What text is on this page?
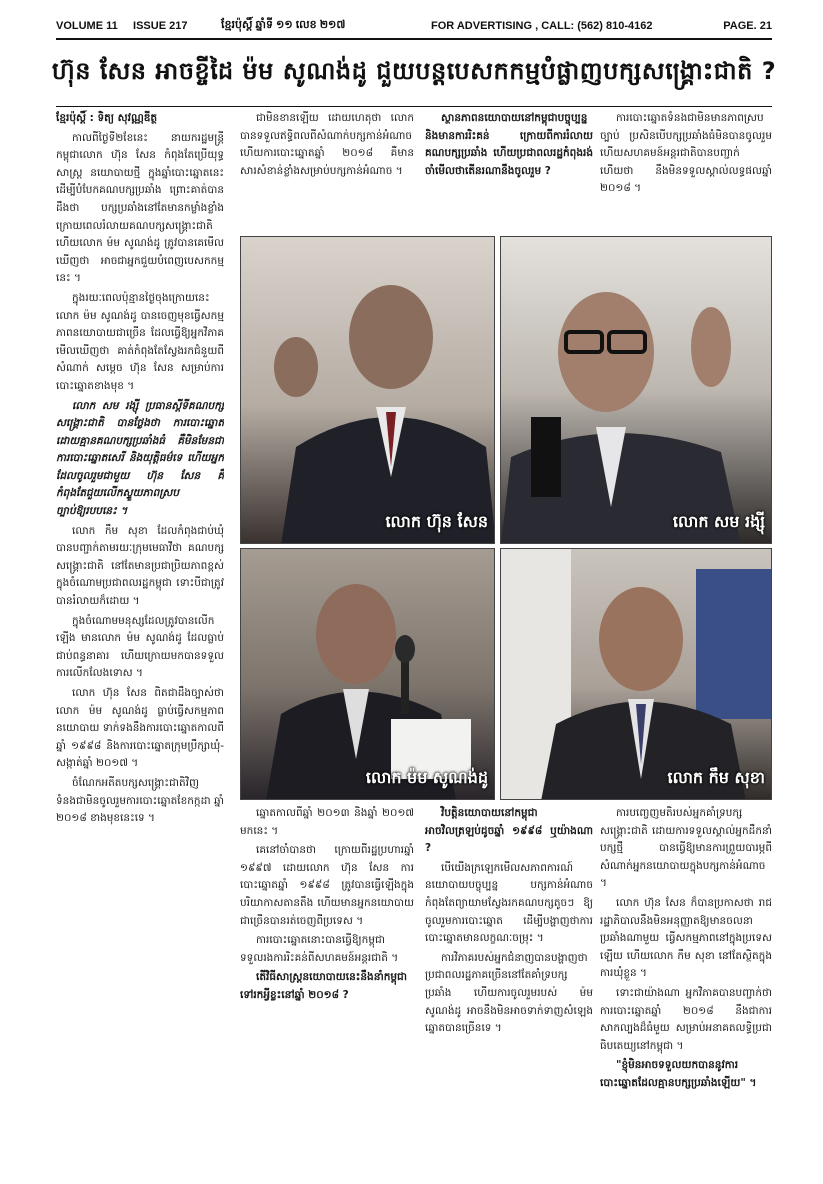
VOLUME 11 ISSUE 217	ខ្មែរប៉ុស្ដិ៍ ឆ្នាំទី ១១ លេខ ២១៧	FOR ADVERTISING , CALL: (562) 810-4162	PAGE. 21
ហ៊ុន សែន អាចខ្ចីដៃ ម៉ម សូណង់ដូ ជួយបន្តបេសកកម្មបំផ្លាញបក្សសង្គ្រោះជាតិ ?

ខ្មែរប៉ុស្ដិ៍ : ទិត្យ សុវណ្ណឌីត្ថ

កាលពីថ្ងៃទី២ខែនេះ នាយករដ្ឋមន្ត្រីកម្ពុជាលោក ហ៊ុន សែន កំពុងតែប្រើយុទ្ធសាស្ត្រ នយោបាយថ្មី ក្នុងឆ្នាំបោះឆ្នោតនេះ ដើម្បីបំបែកគណបក្សប្រឆាំង ព្រោះគាត់បានដឹងថា បក្សប្រឆាំងនៅតែមានកម្លាំងខ្លាំង ក្រោយពេលរំលាយគណបក្សសង្គ្រោះជាតិ ហើយលោក ម៉ម សូណង់ដូ ត្រូវបានគេមើលឃើញថា អាចជាអ្នកជួយបំពេញបេសកកម្មនេះ ។

ក្នុងរយៈពេលប៉ុន្មានថ្ងៃចុងក្រោយនេះ លោក ម៉ម សូណង់ដូ បានចេញមុខធ្វើសកម្មភាពនយោបាយជាច្រើន ដែលធ្វើឱ្យអ្នកវិភាគមើលឃើញថា គាត់កំពុងតែស្វែងរកជំនួយពីសំណាក់ សម្ដេច ហ៊ុន សែន សម្រាប់ការបោះឆ្នោតខាងមុខ ។

លោក សម រង្ស៊ី ប្រធានស្ដីទីគណបក្សសង្គ្រោះជាតិ បានថ្លែងថា ការបោះឆ្នោតដោយគ្មានគណបក្សប្រឆាំងធំ គឺមិនមែនជាការបោះឆ្នោតសេរី និងយុត្តិធម៌ទេ ហើយអ្នកដែលចូលរួមជាមួយ ហ៊ុន សែន គឺកំពុងតែជួយលើកស្ទួយភាពស្របច្បាប់ឱ្យរបបនេះ ។

លោក កឹម សុខា ដែលកំពុងជាប់ឃុំ បានបញ្ជាក់តាមរយៈក្រុមមេធាវីថា គណបក្សសង្គ្រោះជាតិ នៅតែមានប្រជាប្រិយភាពខ្ពស់ ក្នុងចំណោមប្រជាពលរដ្ឋកម្ពុជា ទោះបីជាត្រូវបានរំលាយក៏ដោយ ។

ក្នុងចំណោមមនុស្សដែលត្រូវបានលើកឡើង មានលោក ម៉ម សូណង់ដូ ដែលធ្លាប់ជាប់ពន្ធនាគារ ហើយក្រោយមកបានទទួលការលើកលែងទោស ។

លោក ហ៊ុន សែន ពិតជាដឹងច្បាស់ថា លោក ម៉ម សូណង់ដូ ធ្លាប់ធ្វើសកម្មភាពនយោបាយ ទាក់ទងនឹងការបោះឆ្នោតកាលពីឆ្នាំ ១៩៩៨ និងការបោះឆ្នោតក្រុមប្រឹក្សាឃុំ-សង្កាត់ឆ្នាំ ២០១៧ ។

ចំណែកអតីតបក្សសង្គ្រោះជាតិវិញ ទំនងជាមិនចូលរួមការបោះឆ្នោតខែកក្កដា ឆ្នាំ ២០១៨ ខាងមុខនេះទេ ។

ជាមិនខានឡើយ ដោយហេតុថា លោកបានទទួលឥទ្ធិពលពីសំណាក់បក្សកាន់អំណាច ហើយការបោះឆ្នោតឆ្នាំ ២០១៨ គឺមានសារសំខាន់ខ្លាំងសម្រាប់បក្សកាន់អំណាច ។

ស្ថានភាពនយោបាយនៅកម្ពុជាបច្ចុប្បន្ន និងមានការរិះគន់ ក្រោយពីការរំលាយគណបក្សប្រឆាំង ហើយប្រជាពលរដ្ឋកំពុងរង់ចាំមើលថាតើនរណានឹងចូលរួម ?

ការបោះឆ្នោតទំនងជាមិនមានភាពស្របច្បាប់ ប្រសិនបើបក្សប្រឆាំងធំមិនបានចូលរួម ហើយសហគមន៍អន្តរជាតិបានបញ្ជាក់ហើយថា នឹងមិនទទួលស្គាល់លទ្ធផលឆ្នាំ ២០១៨ ។

លោក ហ៊ុន សែន	លោក សម រង្ស៊ី
លោក ម៉ម សូណង់ដូ	លោក កឹម សុខា

ឆ្នោតកាលពីឆ្នាំ ២០១៣ និងឆ្នាំ ២០១៧ មកនេះ ។

គេនៅចាំបានថា ក្រោយពីរដ្ឋប្រហារឆ្នាំ ១៩៩៧ ដោយលោក ហ៊ុន សែន ការបោះឆ្នោតឆ្នាំ ១៩៩៨ ត្រូវបានធ្វើឡើងក្នុងបរិយាកាសតានតឹង ហើយមានអ្នកនយោបាយជាច្រើនបានរត់ចេញពីប្រទេស ។

ការបោះឆ្នោតនោះបានធ្វើឱ្យកម្ពុជាទទួលរងការរិះគន់ពីសហគមន៍អន្តរជាតិ ។

តើវិធីសាស្ត្រនយោបាយនេះនឹងនាំកម្ពុជាទៅរកអ្វីខ្លះនៅឆ្នាំ ២០១៨ ?

វិបត្តិនយោបាយនៅកម្ពុជាអាចវិលត្រឡប់ដូចឆ្នាំ ១៩៩៨ ឬយ៉ាងណា ?

បើយើងក្រឡេកមើលសភាពការណ៍នយោបាយបច្ចុប្បន្ន បក្សកាន់អំណាចកំពុងតែព្យាយាមស្វែងរកគណបក្សតូចៗ ឱ្យចូលរួមការបោះឆ្នោត ដើម្បីបង្ហាញថាការបោះឆ្នោតមានលក្ខណៈចម្រុះ ។

ការវិភាគរបស់អ្នកជំនាញបានបង្ហាញថា ប្រជាពលរដ្ឋភាគច្រើននៅតែគាំទ្របក្សប្រឆាំង ហើយការចូលរួមរបស់ ម៉ម សូណង់ដូ អាចនឹងមិនអាចទាក់ទាញសំឡេងឆ្នោតបានច្រើនទេ ។

ការបញ្ចេញមតិរបស់អ្នកគាំទ្របក្សសង្គ្រោះជាតិ ដោយការទទួលស្គាល់អ្នកដឹកនាំបក្សថ្មី បានធ្វើឱ្យមានការព្រួយបារម្ភពីសំណាក់អ្នកនយោបាយក្នុងបក្សកាន់អំណាច ។

លោក ហ៊ុន សែន ក៏បានប្រកាសថា រាជរដ្ឋាភិបាលនឹងមិនអនុញ្ញាតឱ្យមានចលនាប្រឆាំងណាមួយ ធ្វើសកម្មភាពនៅក្នុងប្រទេសឡើយ ហើយលោក កឹម សុខា នៅតែស្ថិតក្នុងការឃុំខ្លួន ។

ទោះជាយ៉ាងណា អ្នកវិភាគបានបញ្ជាក់ថា ការបោះឆ្នោតឆ្នាំ ២០១៨ នឹងជាការសាកល្បងដ៏ធំមួយ សម្រាប់អនាគតលទ្ធិប្រជាធិបតេយ្យនៅកម្ពុជា ។

"ខ្ញុំមិនអាចទទួលយកបាននូវការបោះឆ្នោតដែលគ្មានបក្សប្រឆាំងឡើយ" ។
